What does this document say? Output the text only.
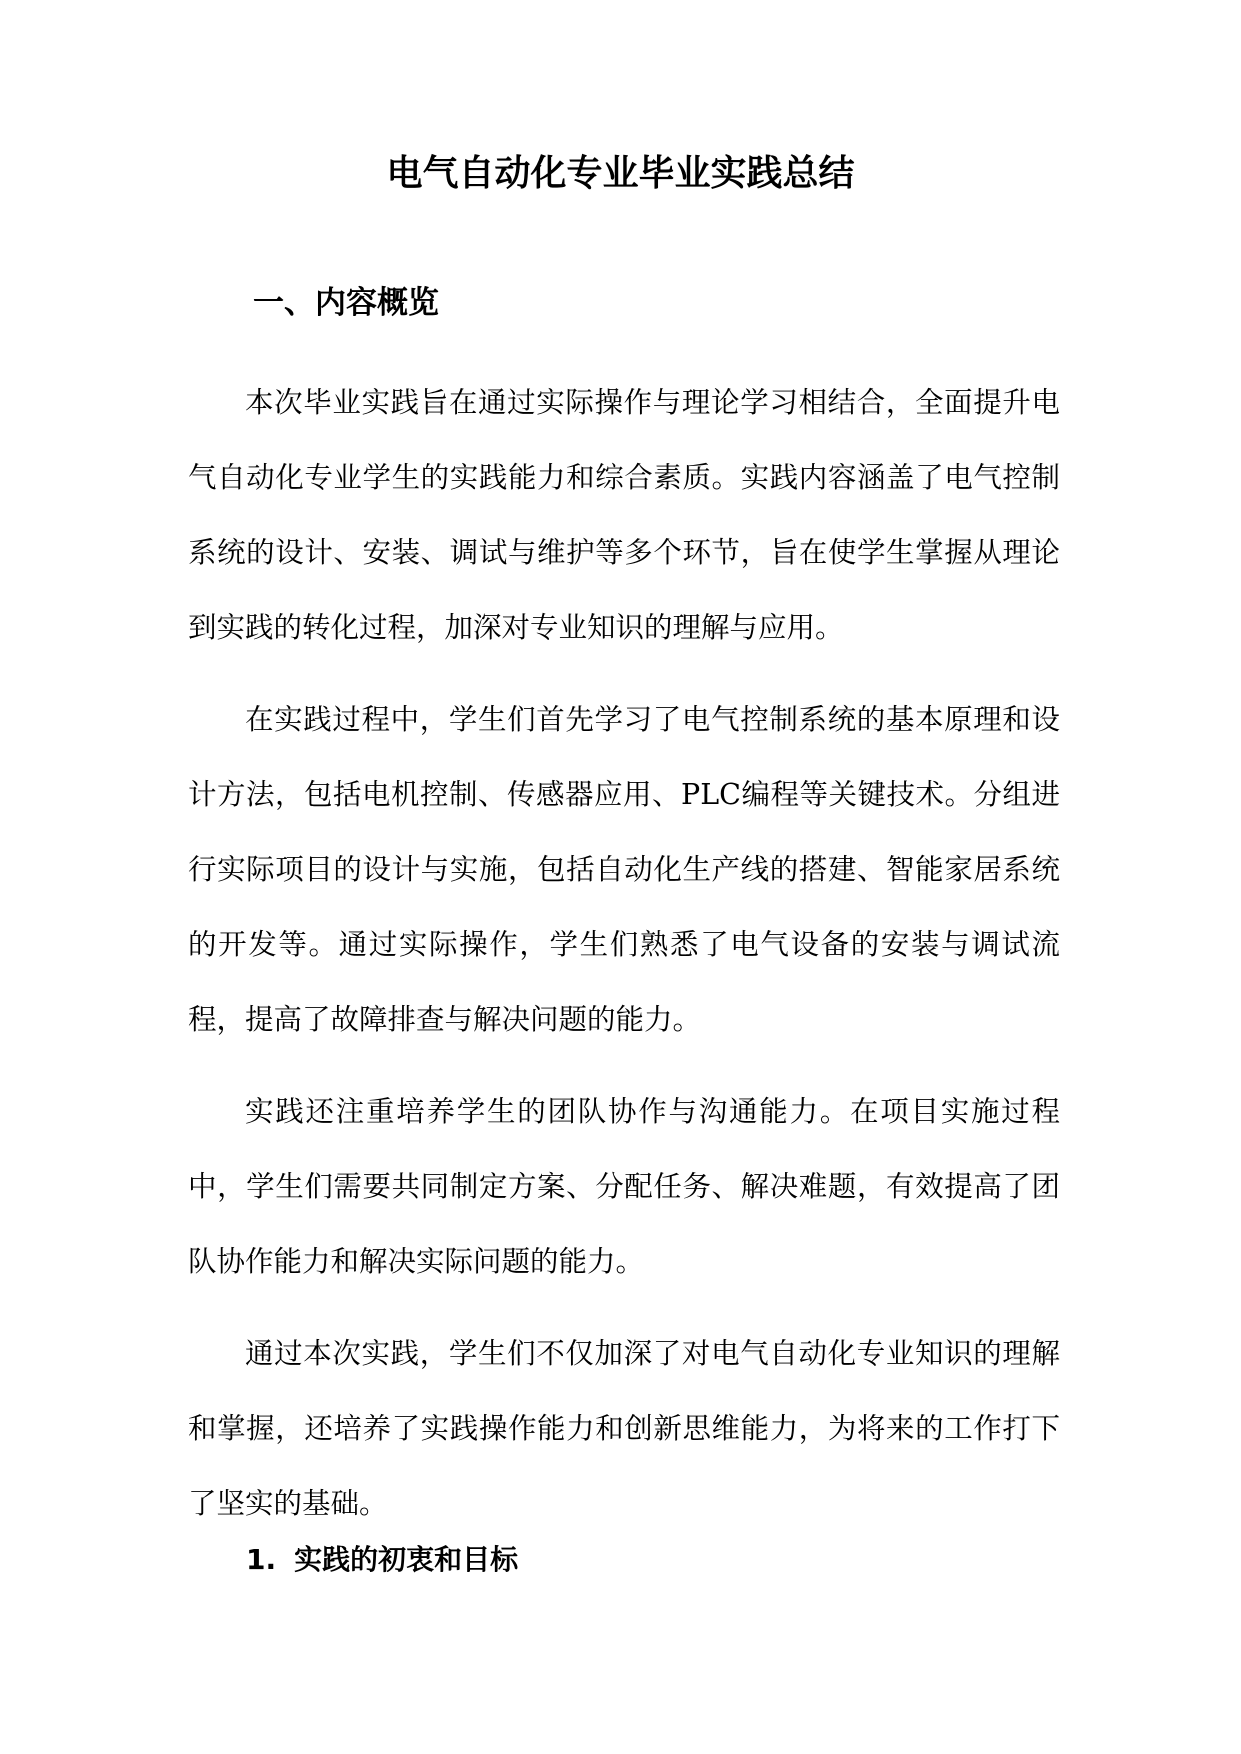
电气自动化专业毕业实践总结
一、内容概览

本次毕业实践旨在通过实际操作与理论学习相结合，全面提升电气自动化专业学生的实践能力和综合素质。实践内容涵盖了电气控制系统的设计、安装、调试与维护等多个环节，旨在使学生掌握从理论到实践的转化过程，加深对专业知识的理解与应用。

在实践过程中，学生们首先学习了电气控制系统的基本原理和设计方法，包括电机控制、传感器应用、PLC编程等关键技术。分组进行实际项目的设计与实施，包括自动化生产线的搭建、智能家居系统的开发等。通过实际操作，学生们熟悉了电气设备的安装与调试流程，提高了故障排查与解决问题的能力。

实践还注重培养学生的团队协作与沟通能力。在项目实施过程中，学生们需要共同制定方案、分配任务、解决难题，有效提高了团队协作能力和解决实际问题的能力。

通过本次实践，学生们不仅加深了对电气自动化专业知识的理解和掌握，还培养了实践操作能力和创新思维能力，为将来的工作打下了坚实的基础。

1. 实践的初衷和目标
